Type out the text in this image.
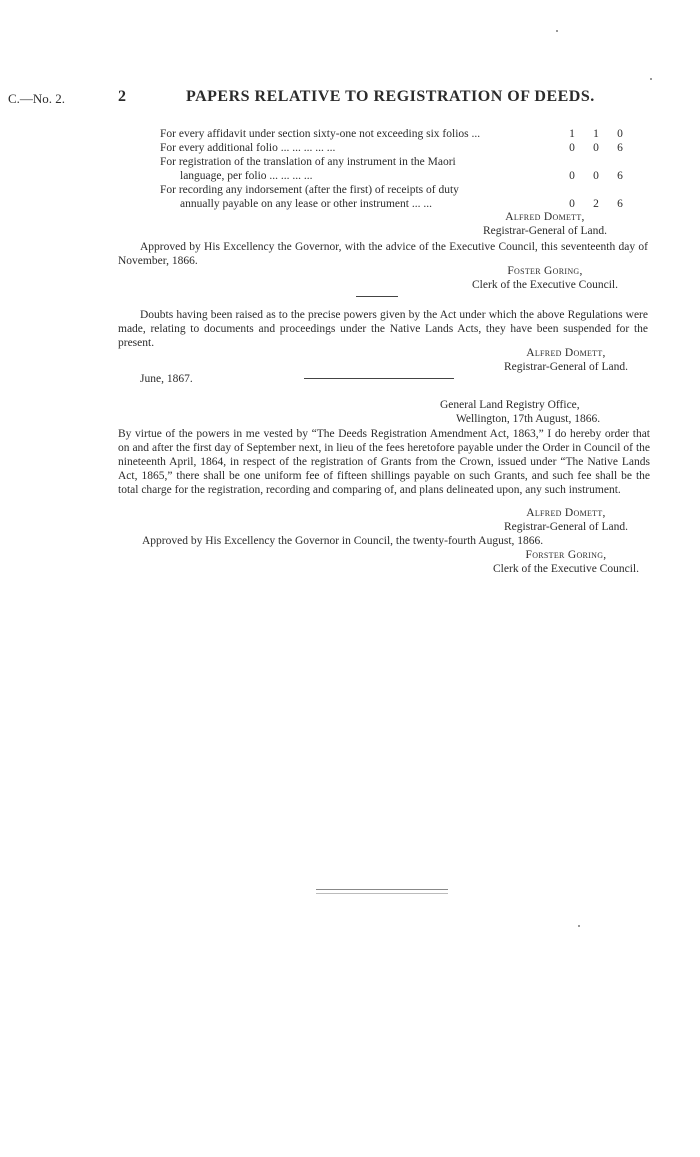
C.—No. 2.	2	PAPERS RELATIVE TO REGISTRATION OF DEEDS.
For every affidavit under section sixty-one not exceeding six folios ...	1	1	0
For every additional folio ... ... ... ... ...	0	0	6
For registration of the translation of any instrument in the Maori
language, per folio ... ... ... ...	0	0	6
For recording any indorsement (after the first) of receipts of duty
annually payable on any lease or other instrument ... ...	0	2	6
Alfred Domett,
Registrar-General of Land.
Approved by His Excellency the Governor, with the advice of the Executive Council, this seventeenth day of November, 1866.
Foster Goring,
Clerk of the Executive Council.
Doubts having been raised as to the precise powers given by the Act under which the above Regulations were made, relating to documents and proceedings under the Native Lands Acts, they have been suspended for the present.
Alfred Domett,
Registrar-General of Land.
June, 1867.
General Land Registry Office,
Wellington, 17th August, 1866.
By virtue of the powers in me vested by “The Deeds Registration Amendment Act, 1863,” I do hereby order that on and after the first day of September next, in lieu of the fees heretofore payable under the Order in Council of the nineteenth April, 1864, in respect of the registration of Grants from the Crown, issued under “The Native Lands Act, 1865,” there shall be one uniform fee of fifteen shillings payable on such Grants, and such fee shall be the total charge for the registration, recording and comparing of, and plans delineated upon, any such instrument.
Alfred Domett,
Registrar-General of Land.
Approved by His Excellency the Governor in Council, the twenty-fourth August, 1866.
Forster Goring,
Clerk of the Executive Council.
